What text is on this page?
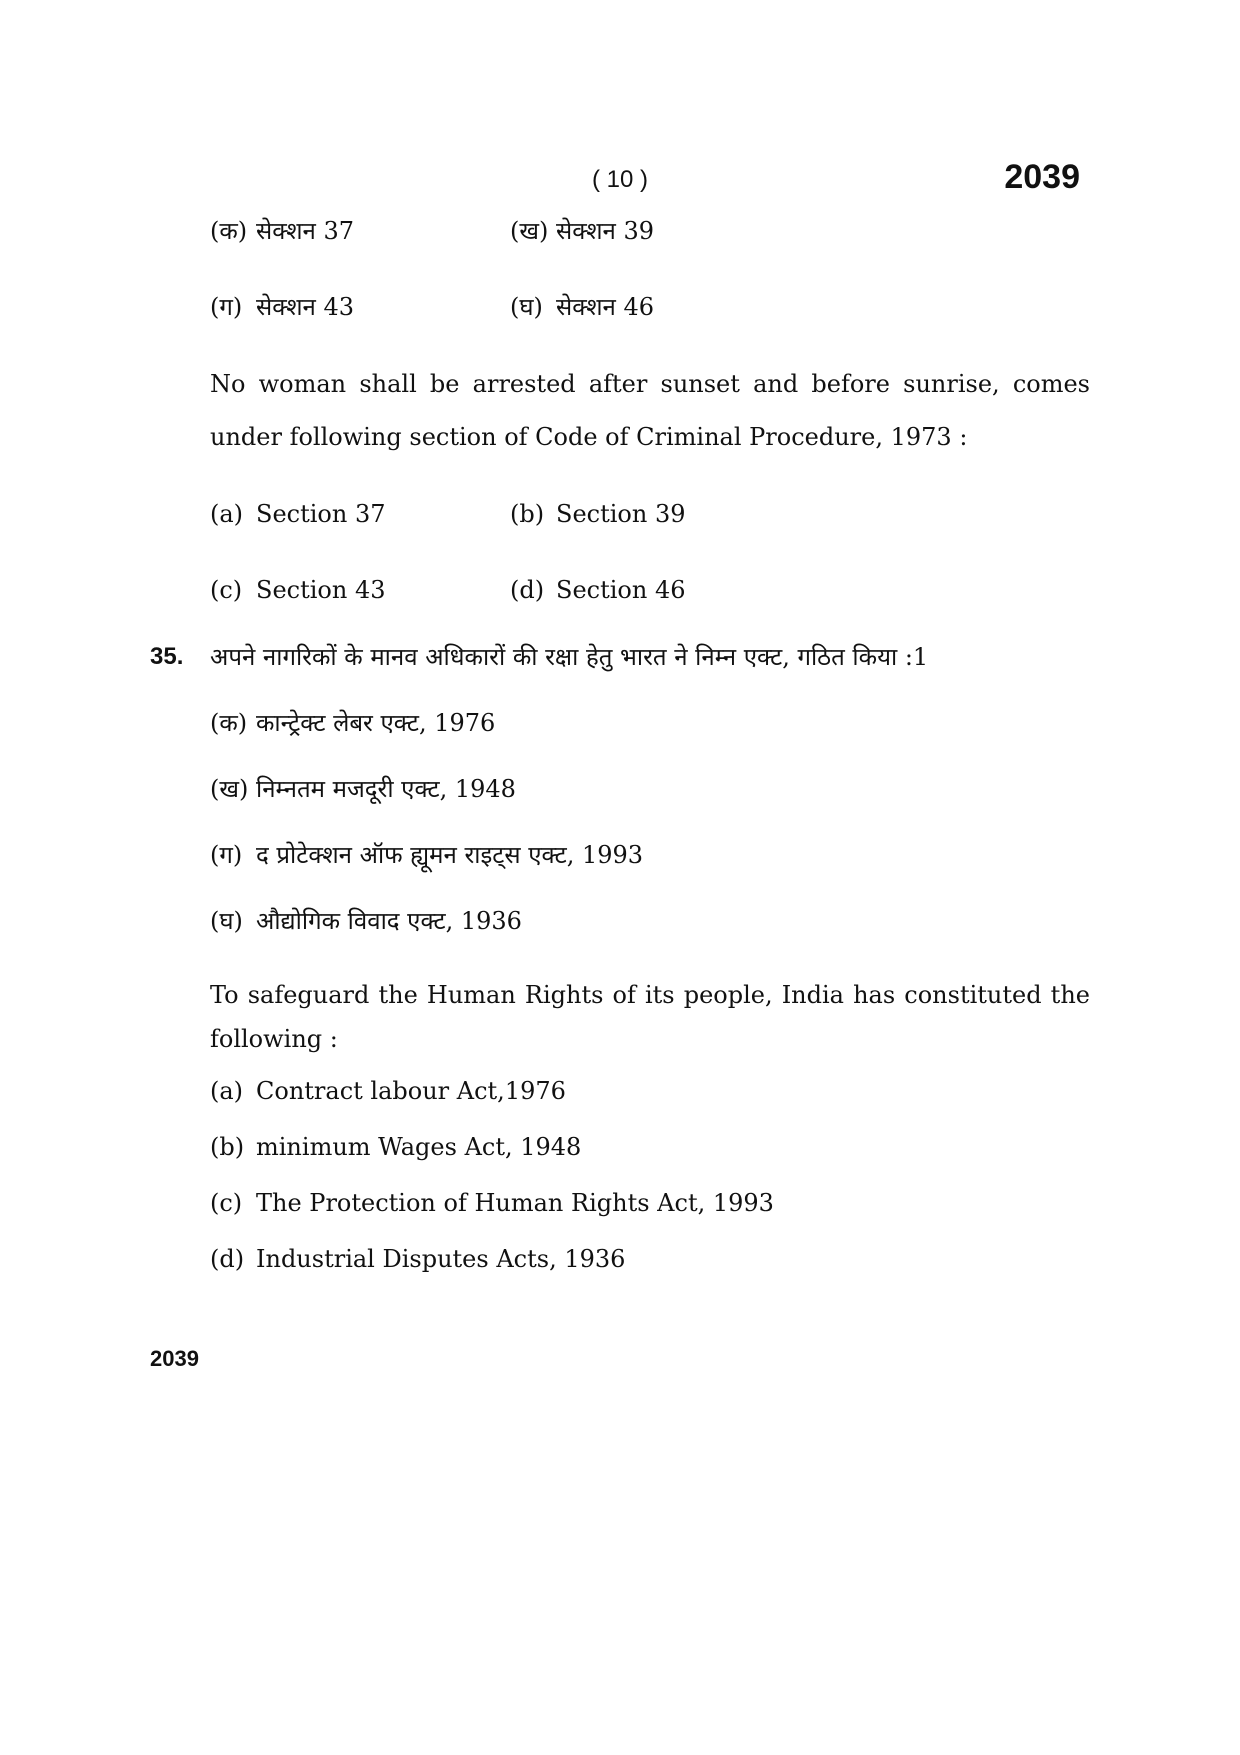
( 10 )	2039
(क) सेक्शन 37	(ख) सेक्शन 39
(ग) सेक्शन 43	(घ) सेक्शन 46
No woman shall be arrested after sunset and before sunrise, comes under following section of Code of Criminal Procedure, 1973 :
(a) Section 37	(b) Section 39
(c) Section 43	(d) Section 46
35. अपने नागरिकों के मानव अधिकारों की रक्षा हेतु भारत ने निम्न एक्ट, गठित किया :1
(क) कान्ट्रेक्ट लेबर एक्ट, 1976
(ख) निम्नतम मजदूरी एक्ट, 1948
(ग) द प्रोटेक्शन ऑफ ह्यूमन राइट्स एक्ट, 1993
(घ) औद्योगिक विवाद एक्ट, 1936
To safeguard the Human Rights of its people, India has constituted the following :
(a) Contract labour Act,1976
(b) minimum Wages Act, 1948
(c) The Protection of Human Rights Act, 1993
(d) Industrial Disputes Acts, 1936
2039
